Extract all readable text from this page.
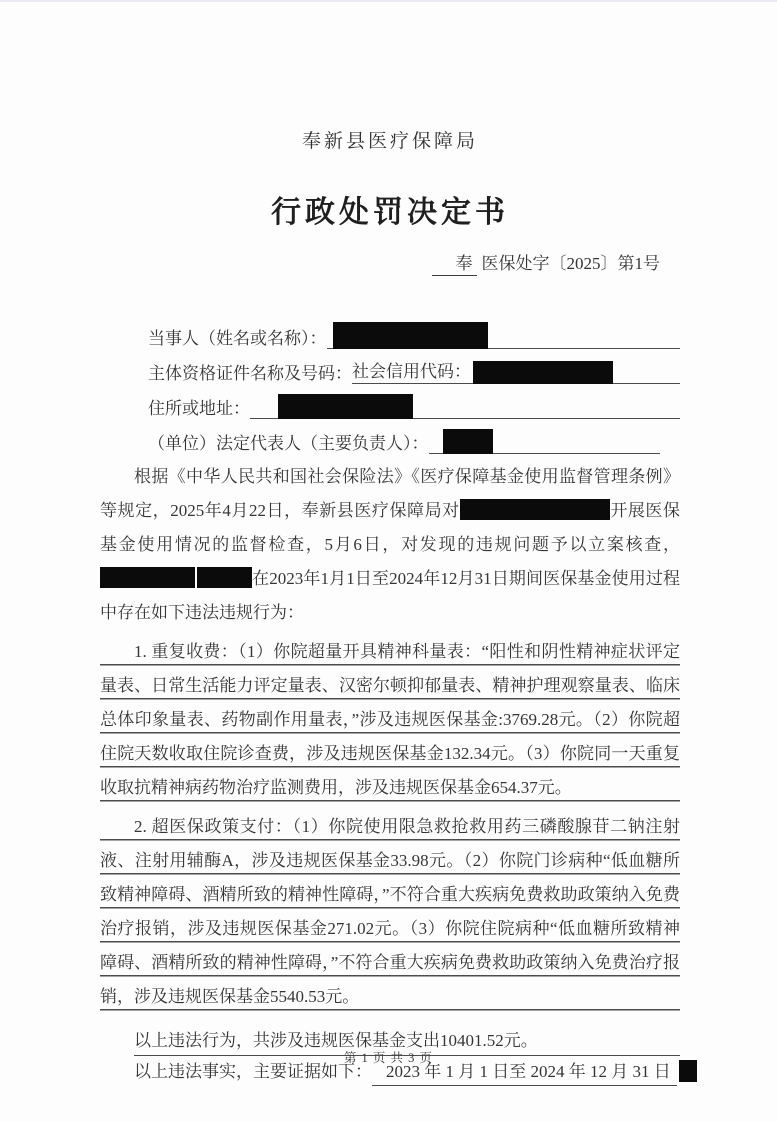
奉新县医疗保障局
行政处罚决定书
奉 医保处字〔2025〕第1号
当事人（姓名或名称）：
主体资格证件名称及号码： 社会信用代码：
住所或地址：
（单位）法定代表人（主要负责人）：
根据《中华人民共和国社会保险法》《医疗保障基金使用监督管理条例》等规定，2025年4月22日，奉新县医疗保障局对	开展医保基金使用情况的监督检查，5月6日，对发现的违规问题予以立案核查，在2023年1月1日至2024年12月31日期间医保基金使用过程中存在如下违法违规行为：
1. 重复收费：（1）你院超量开具精神科量表：“阳性和阴性精神症状评定量表、日常生活能力评定量表、汉密尔顿抑郁量表、精神护理观察量表、临床总体印象量表、药物副作用量表，”涉及违规医保基金:3769.28元。（2）你院超住院天数收取住院诊查费，涉及违规医保基金132.34元。（3）你院同一天重复收取抗精神病药物治疗监测费用，涉及违规医保基金654.37元。
2. 超医保政策支付：（1）你院使用限急救抢救用药三磷酸腺苷二钠注射液、注射用辅酶A，涉及违规医保基金33.98元。（2）你院门诊病种“低血糖所致精神障碍、酒精所致的精神性障碍，”不符合重大疾病免费救助政策纳入免费治疗报销，涉及违规医保基金271.02元。（3）你院住院病种“低血糖所致精神障碍、酒精所致的精神性障碍，”不符合重大疾病免费救助政策纳入免费治疗报销，涉及违规医保基金5540.53元。
以上违法行为，共涉及违规医保基金支出10401.52元。
以上违法事实，主要证据如下： 2023 年 1 月 1 日至 2024 年 12 月 31 日
第 1 页 共 3 页
